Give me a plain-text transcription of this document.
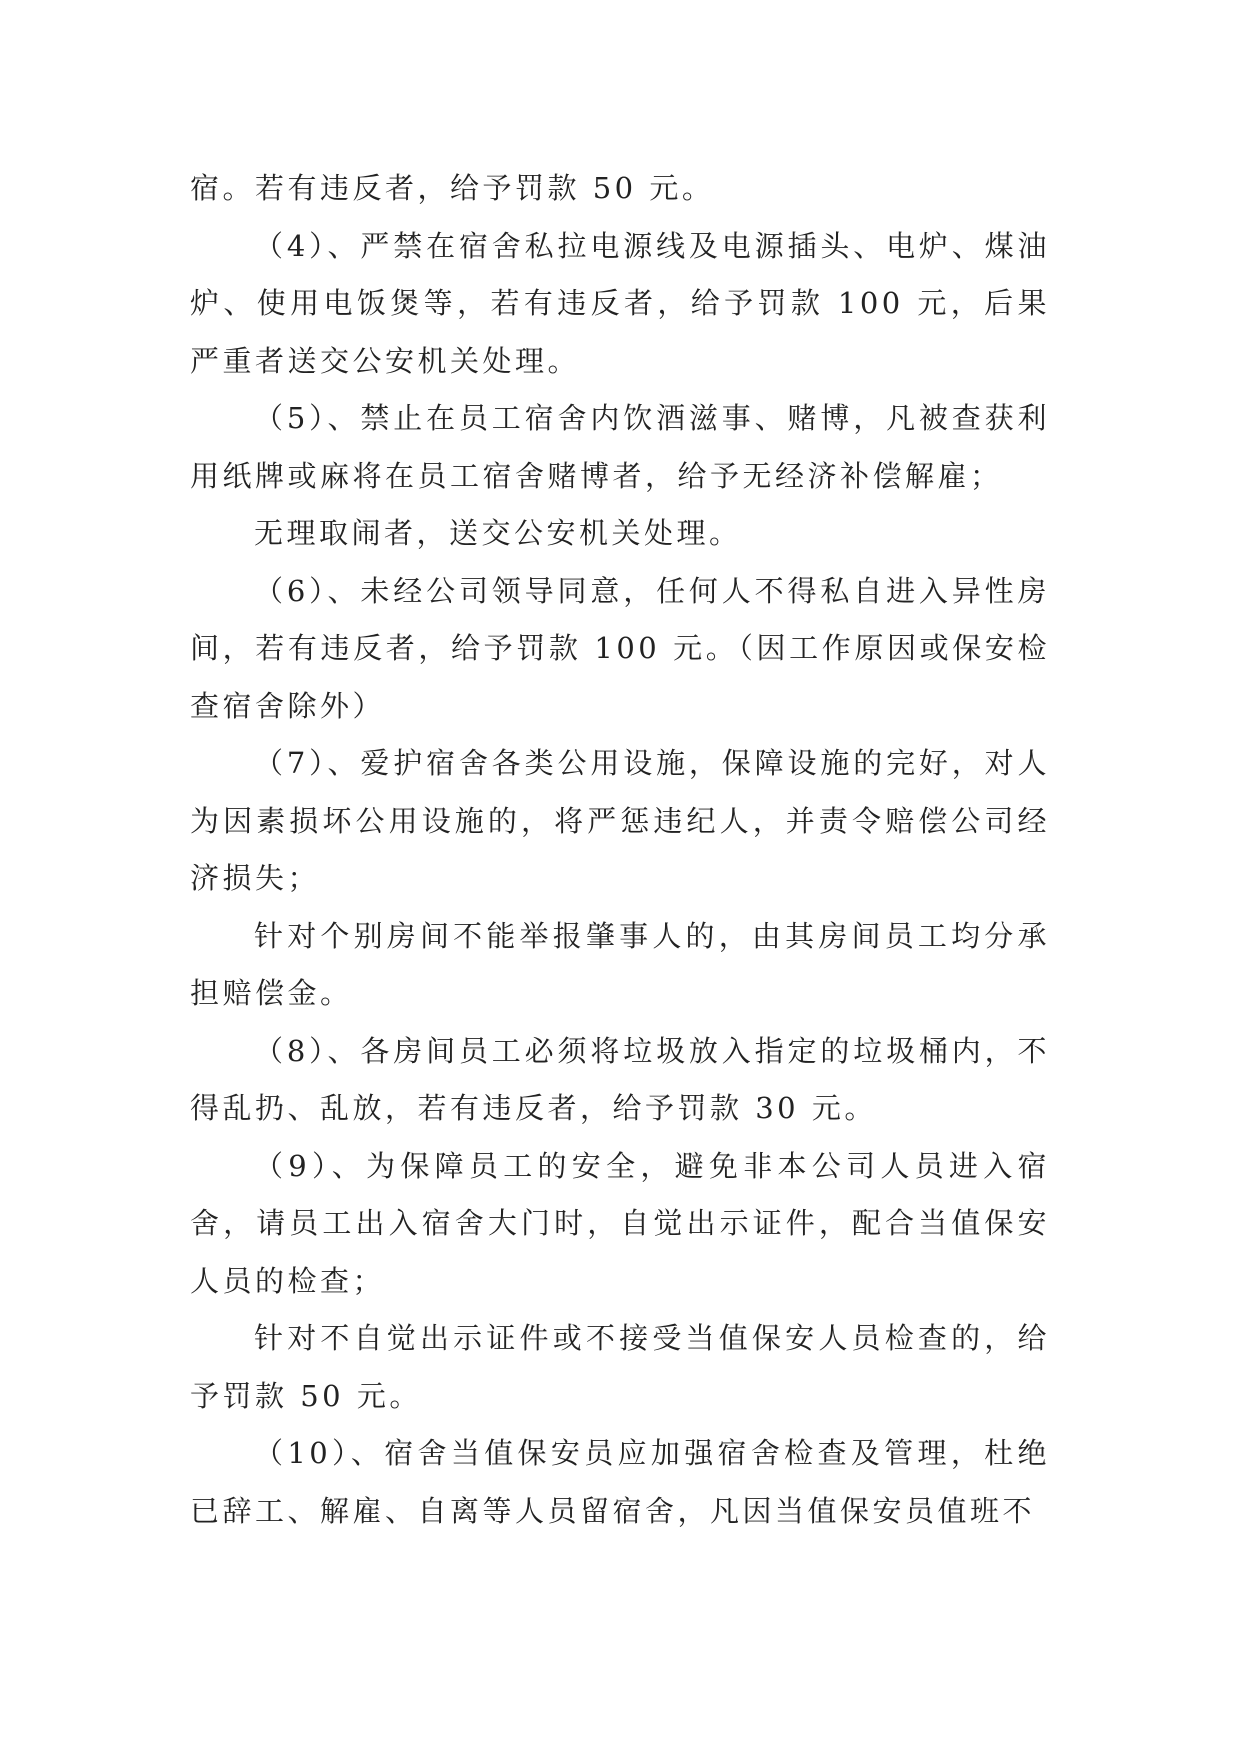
宿。若有违反者，给予罚款 50 元。

（4）、严禁在宿舍私拉电源线及电源插头、电炉、煤油炉、使用电饭煲等，若有违反者，给予罚款 100 元，后果严重者送交公安机关处理。

（5）、禁止在员工宿舍内饮酒滋事、赌博，凡被查获利用纸牌或麻将在员工宿舍赌博者，给予无经济补偿解雇；

无理取闹者，送交公安机关处理。

（6）、未经公司领导同意，任何人不得私自进入异性房间，若有违反者，给予罚款 100 元。（因工作原因或保安检查宿舍除外）

（7）、爱护宿舍各类公用设施，保障设施的完好，对人为因素损坏公用设施的，将严惩违纪人，并责令赔偿公司经济损失；

针对个别房间不能举报肇事人的，由其房间员工均分承担赔偿金。

（8）、各房间员工必须将垃圾放入指定的垃圾桶内，不得乱扔、乱放，若有违反者，给予罚款 30 元。

（9）、为保障员工的安全，避免非本公司人员进入宿舍，请员工出入宿舍大门时，自觉出示证件，配合当值保安人员的检查；

针对不自觉出示证件或不接受当值保安人员检查的，给予罚款 50 元。

（10）、宿舍当值保安员应加强宿舍检查及管理，杜绝已辞工、解雇、自离等人员留宿舍，凡因当值保安员值班不
